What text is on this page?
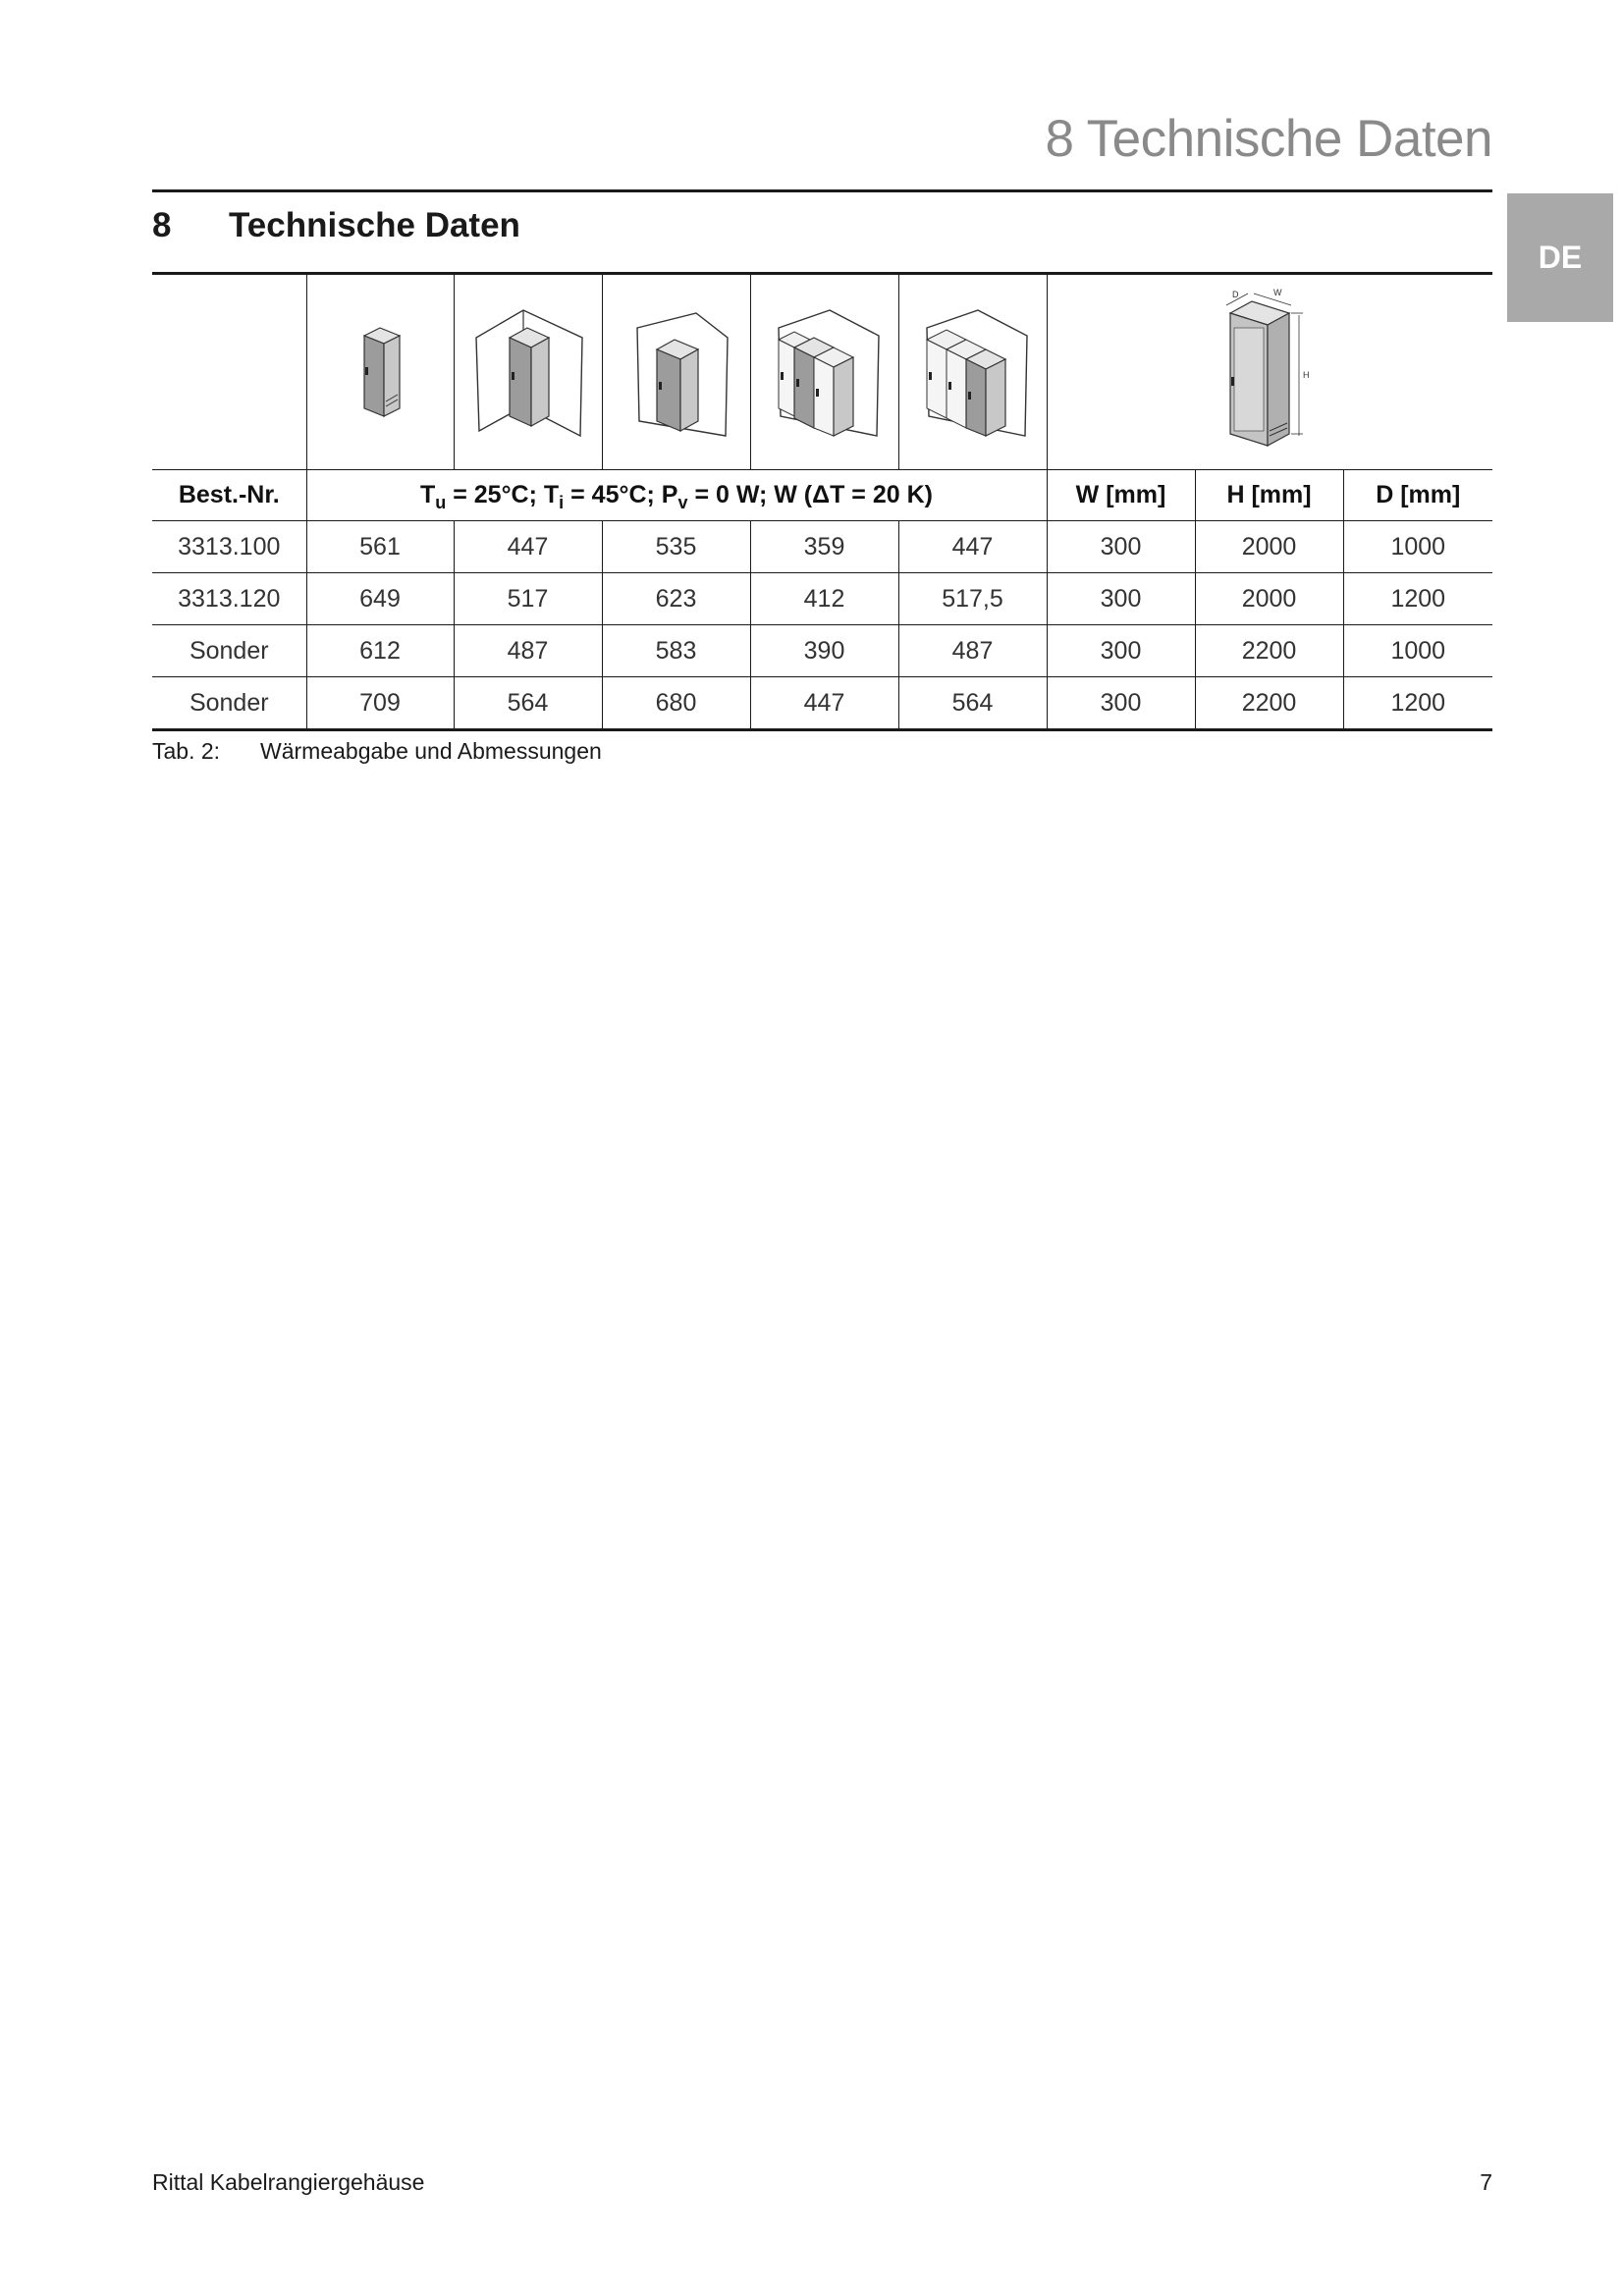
8 Technische Daten
DE
8	Technische Daten

D W
H		

Best.-Nr.	$T_u = 25^\circ C$; $T_i = 45^\circ C$; $P_v = 0$ W; W (ΔT = 20 K)					W [mm]	H [mm]	D [mm]
3313.100	561	447	535	359	447	300	2000	1000
3313.120	649	517	623	412	517,5	300	2000	1200
Sonder	612	487	583	390	487	300	2200	1000
Sonder	709	564	680	447	564	300	2200	1200
Tab. 2:	Wärmeabgabe und Abmessungen
Rittal Kabelrangiergehäuse	7
